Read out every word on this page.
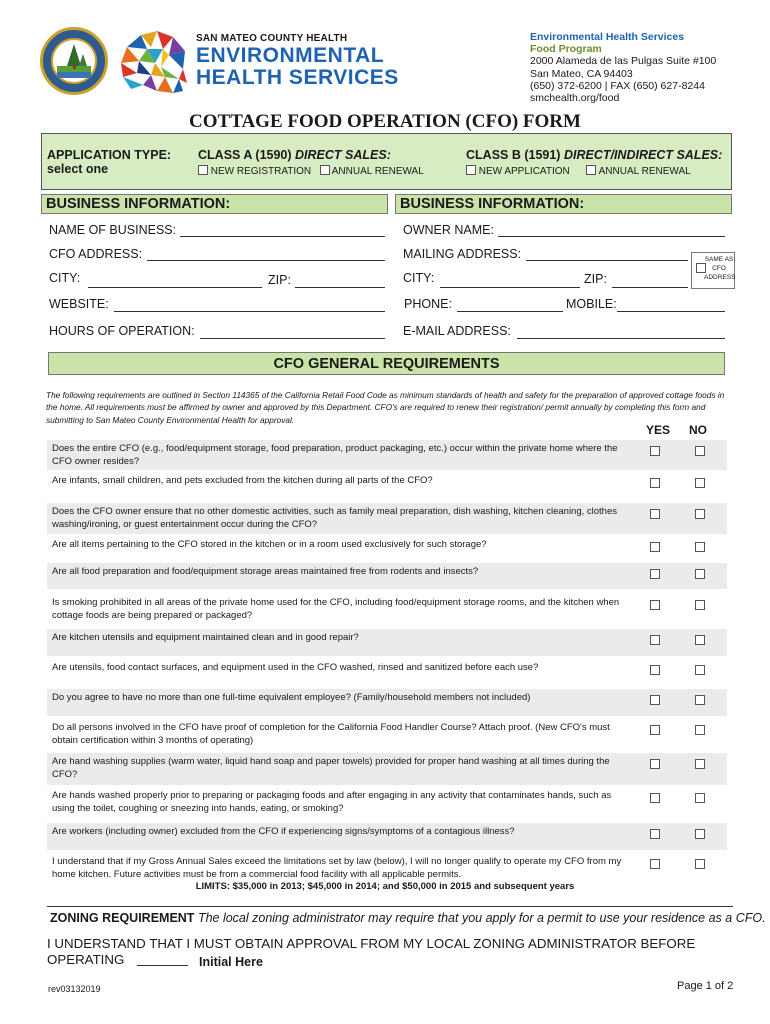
SAN MATEO COUNTY HEALTH
ENVIRONMENTAL
HEALTH SERVICES
Environmental Health Services
Food Program
2000 Alameda de las Pulgas Suite #100
San Mateo, CA 94403
(650) 372-6200 | FAX (650) 627-8244
smchealth.org/food
COTTAGE FOOD OPERATION (CFO) FORM
APPLICATION TYPE:
select one
CLASS A (1590) DIRECT SALES:	CLASS B (1591) DIRECT/INDIRECT SALES:
NEW REGISTRATION ANNUAL RENEWAL	NEW APPLICATION	ANNUAL RENEWAL
BUSINESS INFORMATION:	BUSINESS INFORMATION:
NAME OF BUSINESS:
CFO ADDRESS:
CITY:	ZIP:
WEBSITE:
HOURS OF OPERATION:
OWNER NAME:
MAILING ADDRESS:
CITY:	ZIP:
SAME AS
CFO
ADDRESS
PHONE:	MOBILE:
E-MAIL ADDRESS:
CFO GENERAL REQUIREMENTS
The following requirements are outlined in Section 114365 of the California Retail Food Code as minimum standards of health and safety for the preparation of approved cottage foods in the home. All requirements must be affirmed by owner and approved by this Department. CFO's are required to renew their registration/ permit annually by completing this form and submitting to San Mateo County Environmental Health for approval.
YES NO
Does the entire CFO (e.g., food/equipment storage, food preparation, product packaging, etc.) occur within the private home where the CFO owner resides?
Are infants, small children, and pets excluded from the kitchen during all parts of the CFO?
Does the CFO owner ensure that no other domestic activities, such as family meal preparation, dish washing, kitchen cleaning, clothes washing/ironing, or guest entertainment occur during the CFO?
Are all items pertaining to the CFO stored in the kitchen or in a room used exclusively for such storage?
Are all food preparation and food/equipment storage areas maintained free from rodents and insects?
Is smoking prohibited in all areas of the private home used for the CFO, including food/equipment storage rooms, and the kitchen when cottage foods are being prepared or packaged?
Are kitchen utensils and equipment maintained clean and in good repair?
Are utensils, food contact surfaces, and equipment used in the CFO washed, rinsed and sanitized before each use?
Do you agree to have no more than one full-time equivalent employee? (Family/household members not included)
Do all persons involved in the CFO have proof of completion for the California Food Handler Course? Attach proof. (New CFO's must obtain certification within 3 months of operating)
Are hand washing supplies (warm water, liquid hand soap and paper towels) provided for proper hand washing at all times during the CFO?
Are hands washed properly prior to preparing or packaging foods and after engaging in any activity that contaminates hands, such as using the toilet, coughing or sneezing into hands, eating, or smoking?
Are workers (including owner) excluded from the CFO if experiencing signs/symptoms of a contagious illness?
I understand that if my Gross Annual Sales exceed the limitations set by law (below), I will no longer qualify to operate my CFO from my home kitchen. Future activities must be from a commercial food facility with all applicable permits.
LIMITS: $35,000 in 2013; $45,000 in 2014; and $50,000 in 2015 and subsequent years
ZONING REQUIREMENT The local zoning administrator may require that you apply for a permit to use your residence as a CFO.
I UNDERSTAND THAT I MUST OBTAIN APPROVAL FROM MY LOCAL ZONING ADMINISTRATOR BEFORE
OPERATING	Initial Here
rev03132019	Page 1 of 2
